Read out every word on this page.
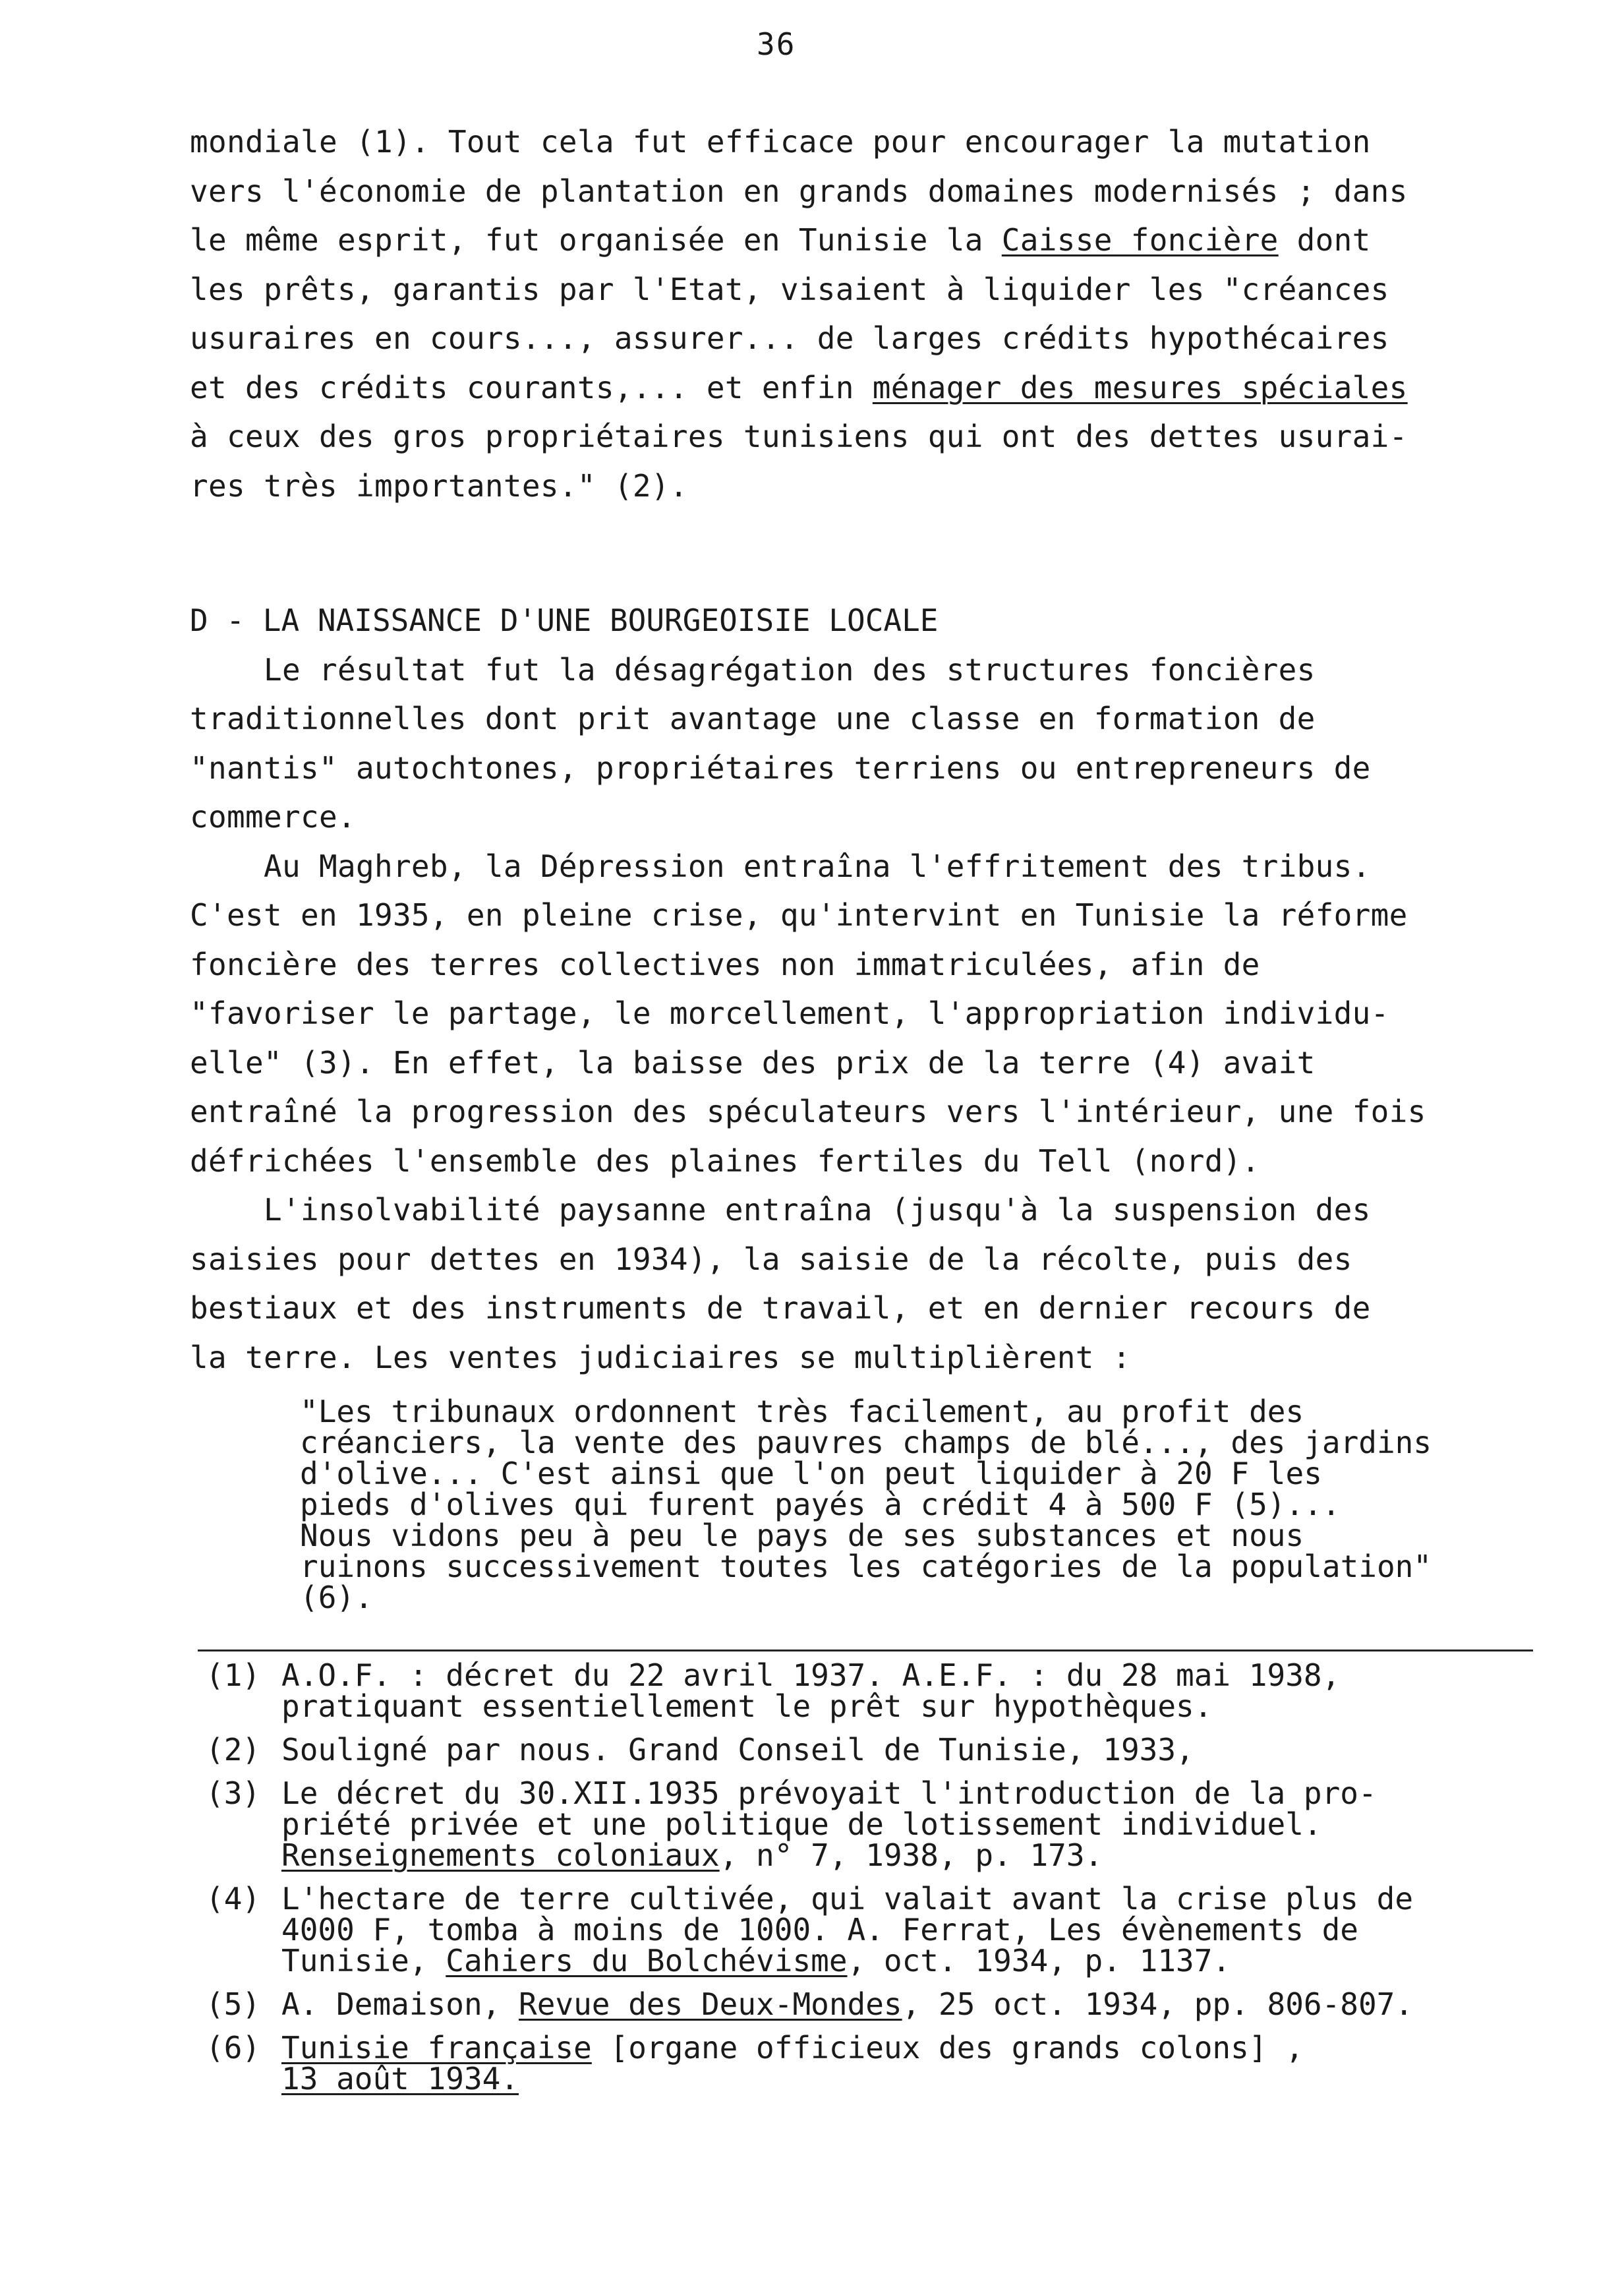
36
mondiale (1). Tout cela fut efficace pour encourager la mutation
vers l'économie de plantation en grands domaines modernisés ; dans
le même esprit, fut organisée en Tunisie la Caisse foncière dont
les prêts, garantis par l'Etat, visaient à liquider les "créances
usuraires en cours..., assurer... de larges crédits hypothécaires
et des crédits courants,... et enfin ménager des mesures spéciales
à ceux des gros propriétaires tunisiens qui ont des dettes usurai-
res très importantes." (2).
D - LA NAISSANCE D'UNE BOURGEOISIE LOCALE
Le résultat fut la désagrégation des structures foncières
traditionnelles dont prit avantage une classe en formation de
"nantis" autochtones, propriétaires terriens ou entrepreneurs de
commerce.
Au Maghreb, la Dépression entraîna l'effritement des tribus.
C'est en 1935, en pleine crise, qu'intervint en Tunisie la réforme
foncière des terres collectives non immatriculées, afin de
"favoriser le partage, le morcellement, l'appropriation individu-
elle" (3). En effet, la baisse des prix de la terre (4) avait
entraîné la progression des spéculateurs vers l'intérieur, une fois
défrichées l'ensemble des plaines fertiles du Tell (nord).
L'insolvabilité paysanne entraîna (jusqu'à la suspension des
saisies pour dettes en 1934), la saisie de la récolte, puis des
bestiaux et des instruments de travail, et en dernier recours de
la terre. Les ventes judiciaires se multiplièrent :
"Les tribunaux ordonnent très facilement, au profit des
créanciers, la vente des pauvres champs de blé..., des jardins
d'olive... C'est ainsi que l'on peut liquider à 20 F les
pieds d'olives qui furent payés à crédit 4 à 500 F (5)...
Nous vidons peu à peu le pays de ses substances et nous
ruinons successivement toutes les catégories de la population"
(6).
(1) A.O.F. : décret du 22 avril 1937. A.E.F. : du 28 mai 1938,
pratiquant essentiellement le prêt sur hypothèques.
(2) Souligné par nous. Grand Conseil de Tunisie, 1933,
(3) Le décret du 30.XII.1935 prévoyait l'introduction de la pro-
priété privée et une politique de lotissement individuel.
Renseignements coloniaux, n° 7, 1938, p. 173.
(4) L'hectare de terre cultivée, qui valait avant la crise plus de
4000 F, tomba à moins de 1000. A. Ferrat, Les évènements de
Tunisie, Cahiers du Bolchévisme, oct. 1934, p. 1137.
(5) A. Demaison, Revue des Deux-Mondes, 25 oct. 1934, pp. 806-807.
(6) Tunisie française [organe officieux des grands colons] ,
13 août 1934.
